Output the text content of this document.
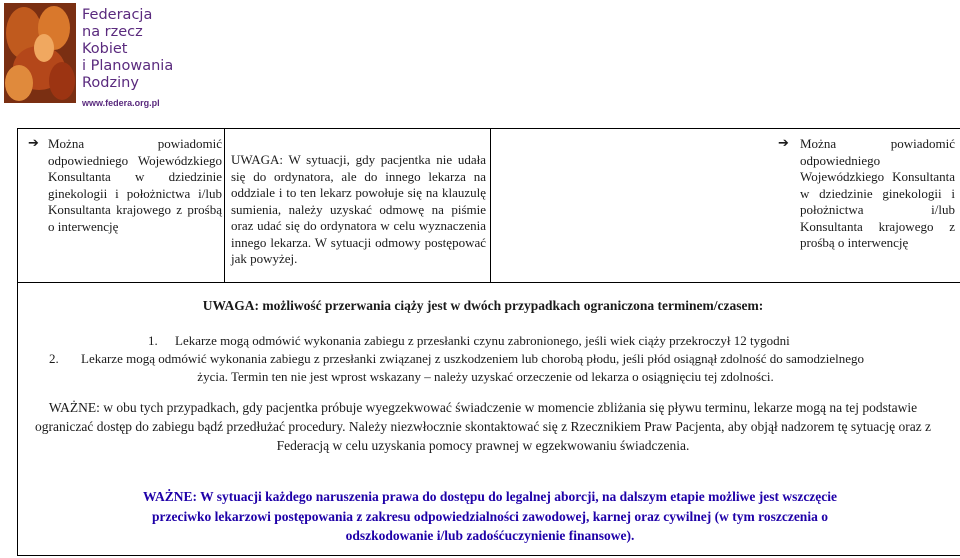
Federacja
na rzecz
Kobiet
i Planowania
Rodziny
www.federa.org.pl
➔ Można powiadomić odpowiedniego Wojewódzkiego Konsultanta w dziedzinie ginekologii i położnictwa i/lub Konsultanta krajowego z prośbą o interwencję
UWAGA: W sytuacji, gdy pacjentka nie udała się do ordynatora, ale do innego lekarza na oddziale i to ten lekarz powołuje się na klauzulę sumienia, należy uzyskać odmowę na piśmie oraz udać się do ordynatora w celu wyznaczenia innego lekarza. W sytuacji odmowy postępować jak powyżej.
➔ Można powiadomić odpowiedniego Wojewódzkiego Konsultanta w dziedzinie ginekologii i położnictwa i/lub Konsultanta krajowego z prośbą o interwencję
UWAGA: możliwość przerwania ciąży jest w dwóch przypadkach ograniczona terminem/czasem:
1.	Lekarze mogą odmówić wykonania zabiegu z przesłanki czynu zabronionego, jeśli wiek ciąży przekroczył 12 tygodni
2. Lekarze mogą odmówić wykonania zabiegu z przesłanki związanej z uszkodzeniem lub chorobą płodu, jeśli płód osiągnął zdolność do samodzielnego
życia. Termin ten nie jest wprost wskazany – należy uzyskać orzeczenie od lekarza o osiągnięciu tej zdolności.
WAŻNE: w obu tych przypadkach, gdy pacjentka próbuje wyegzekwować świadczenie w momencie zbliżania się pływu terminu, lekarze mogą na tej podstawie ograniczać dostęp do zabiegu bądź przedłużać procedury. Należy niezwłocznie skontaktować się z Rzecznikiem Praw Pacjenta, aby objął nadzorem tę sytuację oraz z Federacją w celu uzyskania pomocy prawnej w egzekwowaniu świadczenia.
WAŻNE: W sytuacji każdego naruszenia prawa do dostępu do legalnej aborcji, na dalszym etapie możliwe jest wszczęcie przeciwko lekarzowi postępowania z zakresu odpowiedzialności zawodowej, karnej oraz cywilnej (w tym roszczenia o odszkodowanie i/lub zadośćuczynienie finansowe).
